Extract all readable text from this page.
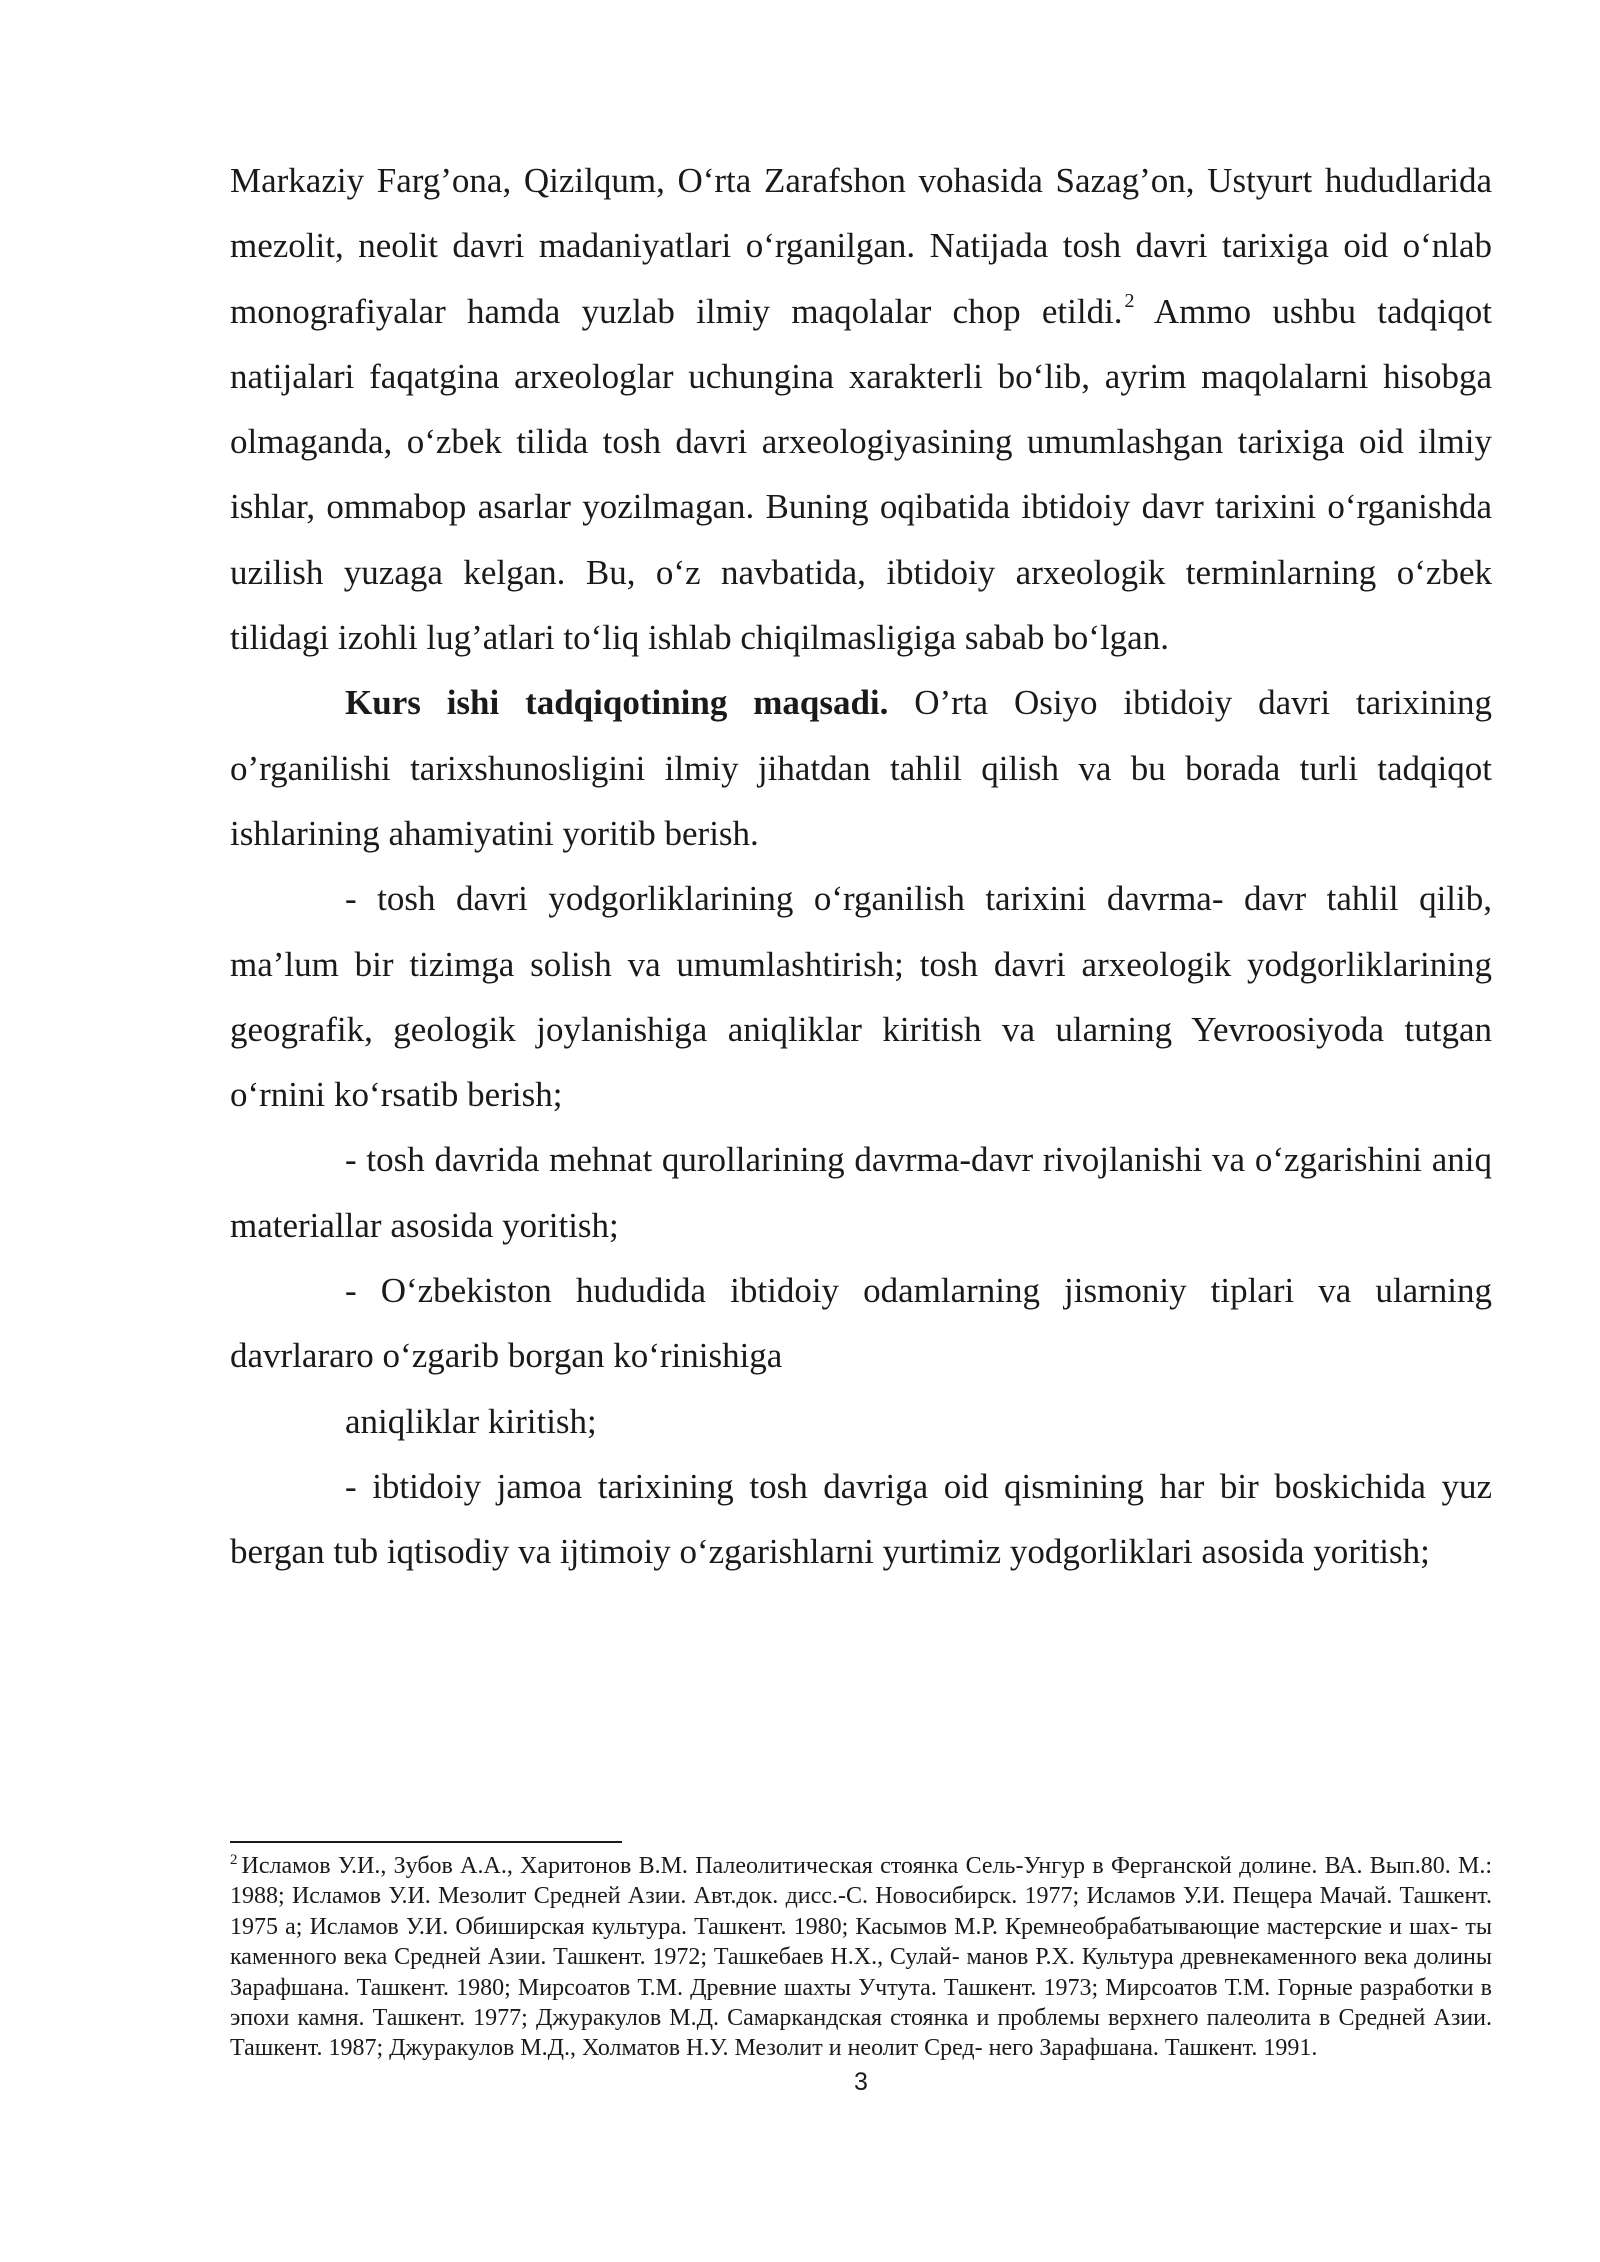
Markaziy Farg’ona, Qizilqum, O‘rta Zarafshon vohasida Sazag’on, Ustyurt hududlarida mezolit, neolit davri madaniyatlari o‘rganilgan. Natijada tosh davri tarixiga oid o‘nlab monografiyalar hamda yuzlab ilmiy maqolalar chop etildi. $^2$ Ammo ushbu tadqiqot natijalari faqatgina arxeologlar uchungina xarakterli bo‘lib, ayrim maqolalarni hisobga olmaganda, o‘zbek tilida tosh davri arxeologiyasining umumlashgan tarixiga oid ilmiy ishlar, ommabop asarlar yozilmagan. Buning oqibatida ibtidoiy davr tarixini o‘rganishda uzilish yuzaga kelgan. Bu, o‘z navbatida, ibtidoiy arxeologik terminlarning o‘zbek tilidagi izohli lug’atlari to‘liq ishlab chiqilmasligiga sabab bo‘lgan.

Kurs ishi tadqiqotining maqsadi. O’rta Osiyo ibtidoiy davri tarixining o’rganilishi tarixshunosligini ilmiy jihatdan tahlil qilish va bu borada turli tadqiqot ishlarining ahamiyatini yoritib berish.

- tosh davri yodgorliklarining o‘rganilish tarixini davrma- davr tahlil qilib, ma’lum bir tizimga solish va umumlashtirish; tosh davri arxeologik yodgorliklarining geografik, geologik joylanishiga aniqliklar kiritish va ularning Yevroosiyoda tutgan o‘rnini ko‘rsatib berish;

- tosh davrida mehnat qurollarining davrma-davr rivojlanishi va o‘zgarishini aniq materiallar asosida yoritish;

- O‘zbekiston hududida ibtidoiy odamlarning jismoniy tiplari va ularning davrlararo o‘zgarib borgan ko‘rinishiga

aniqliklar kiritish;

- ibtidoiy jamoa tarixining tosh davriga oid qismining har bir boskichida yuz bergan tub iqtisodiy va ijtimoiy o‘zgarishlarni yurtimiz yodgorliklari asosida yoritish;

$^2$ Исламов У.И., Зубов А.А., Харитонов В.М. Палеолитическая стоянка Сель-Унгур в Ферганской долине. ВА. Вып.80. М.: 1988; Исламов У.И. Мезолит Средней Азии. Авт.док. дисс.-С. Новосибирск. 1977; Исламов У.И. Пещера Мачай. Ташкент. 1975 а; Исламов У.И. Обиширская культура. Ташкент. 1980; Касымов М.Р. Кремнеобрабатывающие мастерские и шах- ты каменного века Средней Азии. Ташкент. 1972; Ташкебаев Н.Х., Сулай- манов Р.Х. Культура древнекаменного века долины Зарафшана. Ташкент. 1980; Мирсоатов Т.М. Древние шахты Учтута. Ташкент. 1973; Мирсоатов Т.М. Горные разработки в эпохи камня. Ташкент. 1977; Джуракулов М.Д. Самаркандская стоянка и проблемы верхнего палеолита в Средней Азии. Ташкент. 1987; Джуракулов М.Д., Холматов Н.У. Мезолит и неолит Сред- него Зарафшана. Ташкент. 1991.
3
